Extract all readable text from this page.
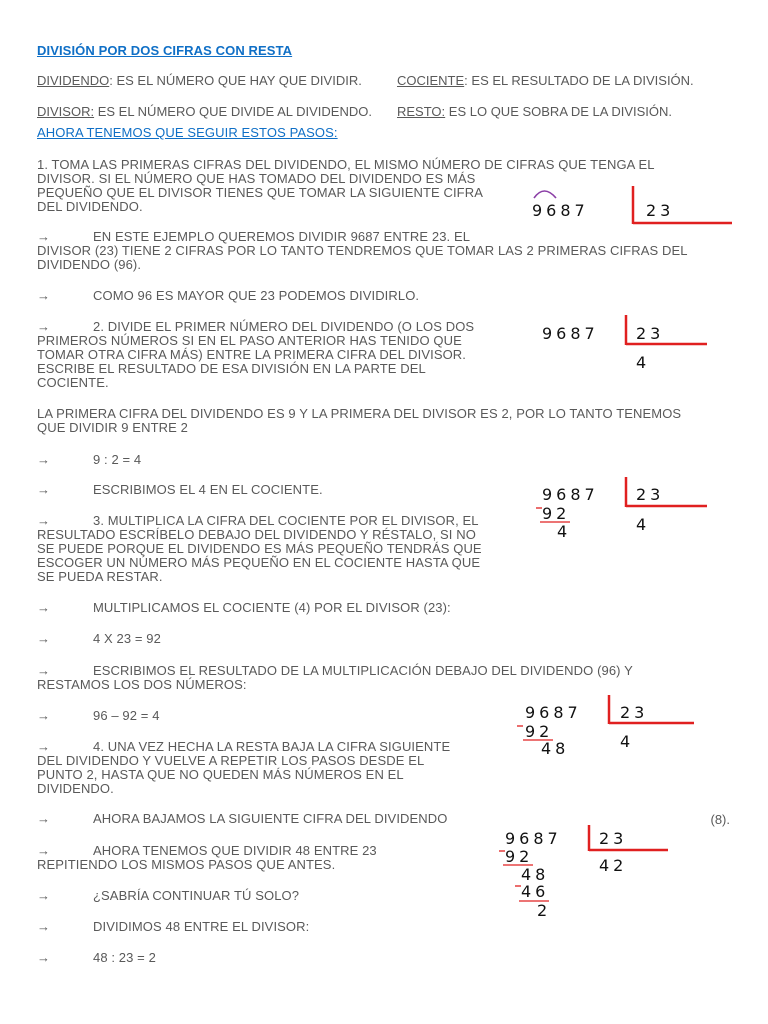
DIVISIÓN POR DOS CIFRAS CON RESTA
DIVIDENDO: ES EL NÚMERO QUE HAY QUE DIVIDIR.	COCIENTE: ES EL RESULTADO DE LA DIVISIÓN.
DIVISOR: ES EL NÚMERO QUE DIVIDE AL DIVIDENDO. RESTO: ES LO QUE SOBRA DE LA DIVISIÓN.
AHORA TENEMOS QUE SEGUIR ESTOS PASOS:
1. TOMA LAS PRIMERAS CIFRAS DEL DIVIDENDO, EL MISMO NÚMERO DE CIFRAS QUE TENGA EL
DIVISOR. SI EL NÚMERO QUE HAS TOMADO DEL DIVIDENDO ES MÁS
PEQUEÑO QUE EL DIVISOR TIENES QUE TOMAR LA SIGUIENTE CIFRA
DEL DIVIDENDO.
→	EN ESTE EJEMPLO QUEREMOS DIVIDIR 9687 ENTRE 23. EL
DIVISOR (23) TIENE 2 CIFRAS POR LO TANTO TENDREMOS QUE TOMAR LAS 2 PRIMERAS CIFRAS DEL
DIVIDENDO (96).
→	COMO 96 ES MAYOR QUE 23 PODEMOS DIVIDIRLO.
→	2. DIVIDE EL PRIMER NÚMERO DEL DIVIDENDO (O LOS DOS
PRIMEROS NÚMEROS SI EN EL PASO ANTERIOR HAS TENIDO QUE
TOMAR OTRA CIFRA MÁS) ENTRE LA PRIMERA CIFRA DEL DIVISOR.
ESCRIBE EL RESULTADO DE ESA DIVISIÓN EN LA PARTE DEL
COCIENTE.
LA PRIMERA CIFRA DEL DIVIDENDO ES 9 Y LA PRIMERA DEL DIVISOR ES 2, POR LO TANTO TENEMOS
QUE DIVIDIR 9 ENTRE 2
→	9 : 2 = 4
→	ESCRIBIMOS EL 4 EN EL COCIENTE.
→	3. MULTIPLICA LA CIFRA DEL COCIENTE POR EL DIVISOR, EL
RESULTADO ESCRÍBELO DEBAJO DEL DIVIDENDO Y RÉSTALO, SI NO
SE PUEDE PORQUE EL DIVIDENDO ES MÁS PEQUEÑO TENDRÁS QUE
ESCOGER UN NÚMERO MÁS PEQUEÑO EN EL COCIENTE HASTA QUE
SE PUEDA RESTAR.
→	MULTIPLICAMOS EL COCIENTE (4) POR EL DIVISOR (23):
→	4 X 23 = 92
→	ESCRIBIMOS EL RESULTADO DE LA MULTIPLICACIÓN DEBAJO DEL DIVIDENDO (96) Y
RESTAMOS LOS DOS NÚMEROS:
→	96 – 92 = 4
→	4. UNA VEZ HECHA LA RESTA BAJA LA CIFRA SIGUIENTE
DEL DIVIDENDO Y VUELVE A REPETIR LOS PASOS DESDE EL
PUNTO 2, HASTA QUE NO QUEDEN MÁS NÚMEROS EN EL
DIVIDENDO.
→	AHORA BAJAMOS LA SIGUIENTE CIFRA DEL DIVIDENDO	(8).
→	AHORA TENEMOS QUE DIVIDIR 48 ENTRE 23
REPITIENDO LOS MISMOS PASOS QUE ANTES.
→	¿SABRÍA CONTINUAR TÚ SOLO?
→	DIVIDIMOS 48 ENTRE EL DIVISOR:
→	48 : 23 = 2
9687	23
9687 23
4
9687 23
92
4	4
9687 23
92
48	4
9687 23
92
48
46
2
42
